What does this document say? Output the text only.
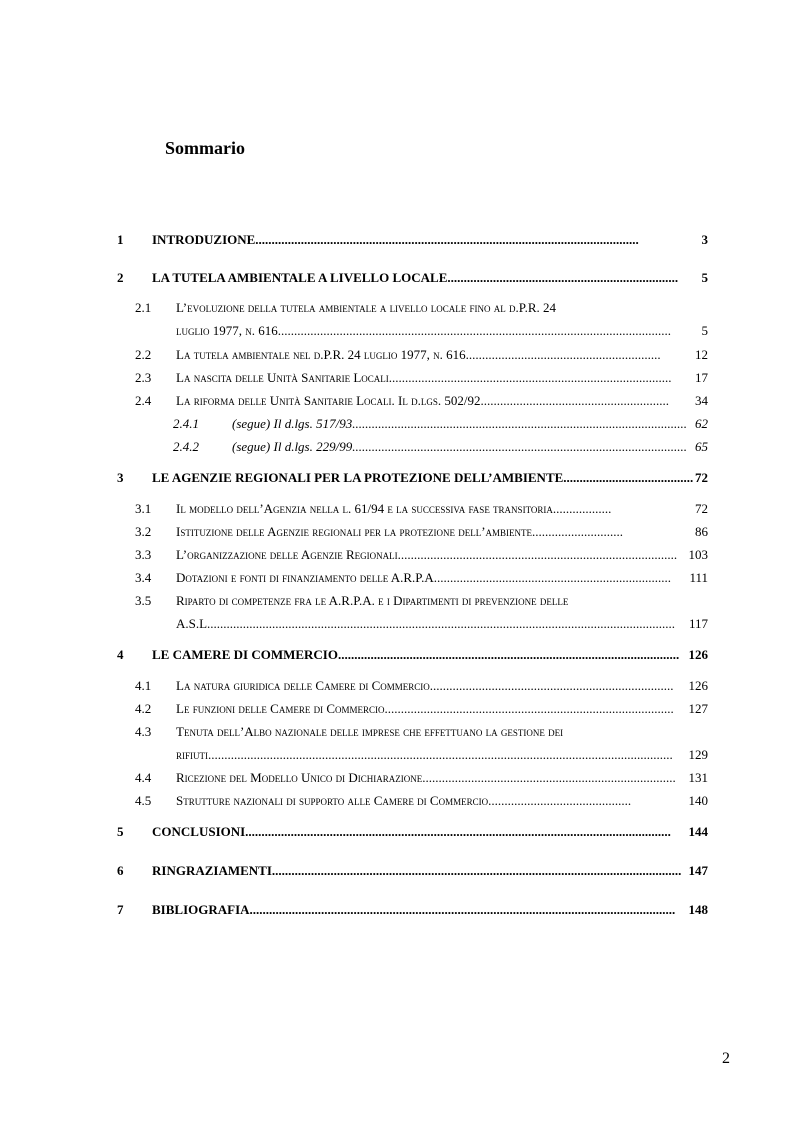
Sommario
1 INTRODUZIONE......................................................................................................................	3
2 LA TUTELA AMBIENTALE A LIVELLO LOCALE.......................................................................	5
2.1 L’evoluzione della tutela ambientale a livello locale fino al d.P.R. 24
luglio 1977, n. 616.........................................................................................................................	5
2.2 La tutela ambientale nel d.P.R. 24 luglio 1977, n. 616............................................................	12
2.3 La nascita delle Unità Sanitarie Locali.......................................................................................	17
2.4 La riforma delle Unità Sanitarie Locali. Il d.lgs. 502/92..........................................................	34
2.4.1	(segue) Il d.lgs. 517/93....................................................................................................... 62
2.4.2	(segue) Il d.lgs. 229/99....................................................................................................... 65
3 LE AGENZIE REGIONALI PER LA PROTEZIONE DELL’AMBIENTE........................................ 72
3.1 Il modello dell’Agenzia nella l. 61/94 e la successiva fase transitoria..................	72
3.2 Istituzione delle Agenzie regionali per la protezione dell’ambiente............................	86
3.3 L’organizzazione delle Agenzie Regionali...................................................................................... 103
3.4 Dotazioni e fonti di finanziamento delle A.R.P.A.........................................................................	111
3.5 Riparto di competenze fra le A.R.P.A. e i Dipartimenti di prevenzione delle
A.S.L................................................................................................................................................	117
4 LE CAMERE DI COMMERCIO......................................................................................................... 126
4.1 La natura giuridica delle Camere di Commercio...........................................................................	126
4.2 Le funzioni delle Camere di Commercio.........................................................................................	127
4.3 Tenuta dell’Albo nazionale delle imprese che effettuano la gestione dei
rifiuti...............................................................................................................................................	129
4.4 Ricezione del Modello Unico di Dichiarazione.............................................................................. 131
4.5 Strutture nazionali di supporto alle Camere di Commercio............................................	140
5 CONCLUSIONI...................................................................................................................................	144
6 RINGRAZIAMENTI.............................................................................................................................. 147
7 BIBLIOGRAFIA...................................................................................................................................	148
2
